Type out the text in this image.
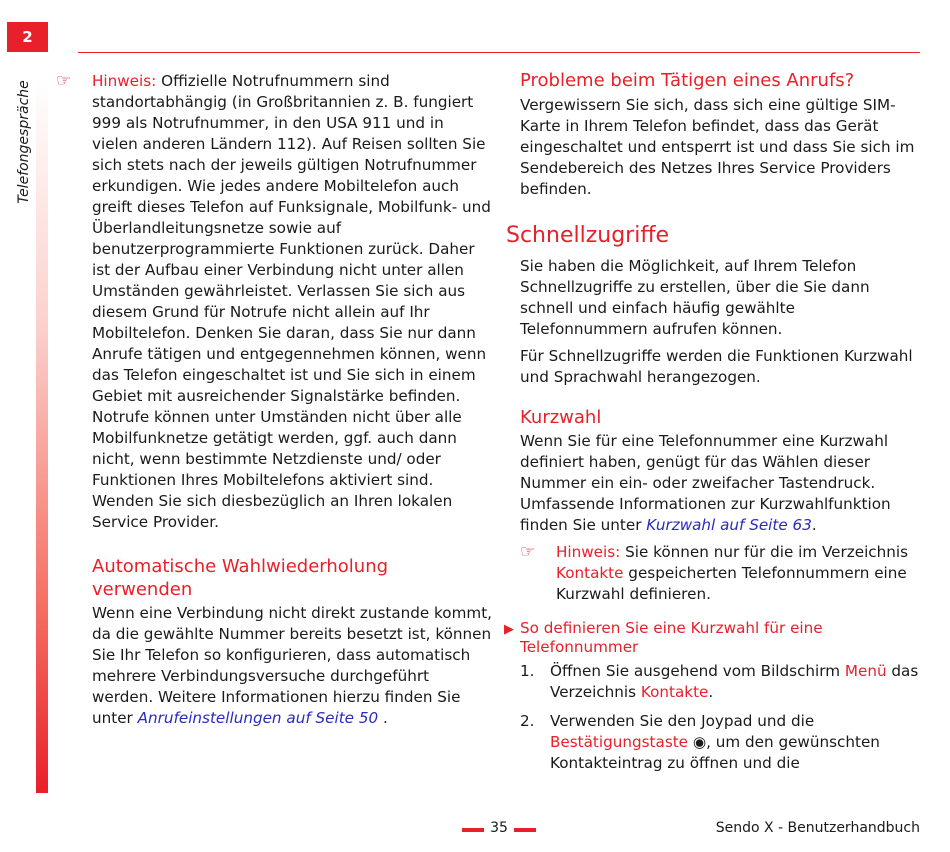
2
Telefongespräche ☞ Hinweis: Offizielle Notrufnummern sind standortabhängig (in Großbritannien z. B. fungiert 999 als Notrufnummer, in den USA 911 und in vielen anderen Ländern 112). Auf Reisen sollten Sie sich stets nach der jeweils gültigen Notrufnummer erkundigen. Wie jedes andere Mobiltelefon auch greift dieses Telefon auf Funksignale, Mobilfunk- und Überlandleitungsnetze sowie auf benutzerprogrammierte Funktionen zurück. Daher ist der Aufbau einer Verbindung nicht unter allen Umständen gewährleistet. Verlassen Sie sich aus diesem Grund für Notrufe nicht allein auf Ihr Mobiltelefon. Denken Sie daran, dass Sie nur dann Anrufe tätigen und entgegennehmen können, wenn das Telefon eingeschaltet ist und Sie sich in einem Gebiet mit ausreichender Signalstärke befinden. Notrufe können unter Umständen nicht über alle Mobilfunknetze getätigt werden, ggf. auch dann nicht, wenn bestimmte Netzdienste und/ oder Funktionen Ihres Mobiltelefons aktiviert sind. Wenden Sie sich diesbezüglich an Ihren lokalen Service Provider.

Automatische Wahlwiederholung verwenden

Wenn eine Verbindung nicht direkt zustande kommt, da die gewählte Nummer bereits besetzt ist, können Sie Ihr Telefon so konfigurieren, dass automatisch mehrere Verbindungsversuche durchgeführt werden. Weitere Informationen hierzu finden Sie unter Anrufeinstellungen auf Seite 50 .

Probleme beim Tätigen eines Anrufs?

Vergewissern Sie sich, dass sich eine gültige SIM-Karte in Ihrem Telefon befindet, dass das Gerät eingeschaltet und entsperrt ist und dass Sie sich im Sendebereich des Netzes Ihres Service Providers befinden.

Schnellzugriffe

Sie haben die Möglichkeit, auf Ihrem Telefon Schnellzugriffe zu erstellen, über die Sie dann schnell und einfach häufig gewählte Telefonnummern aufrufen können.

Für Schnellzugriffe werden die Funktionen Kurzwahl und Sprachwahl herangezogen.

Kurzwahl

Wenn Sie für eine Telefonnummer eine Kurzwahl definiert haben, genügt für das Wählen dieser Nummer ein ein- oder zweifacher Tastendruck. Umfassende Informationen zur Kurzwahlfunktion finden Sie unter Kurzwahl auf Seite 63.

☞ Hinweis: Sie können nur für die im Verzeichnis Kontakte gespeicherten Telefonnummern eine Kurzwahl definieren.

▶ So definieren Sie eine Kurzwahl für eine Telefonnummer
1. Öffnen Sie ausgehend vom Bildschirm Menü das Verzeichnis Kontakte.
2. Verwenden Sie den Joypad und die Bestätigungstaste ◉, um den gewünschten Kontakteintrag zu öffnen und die
35	Sendo X - Benutzerhandbuch
